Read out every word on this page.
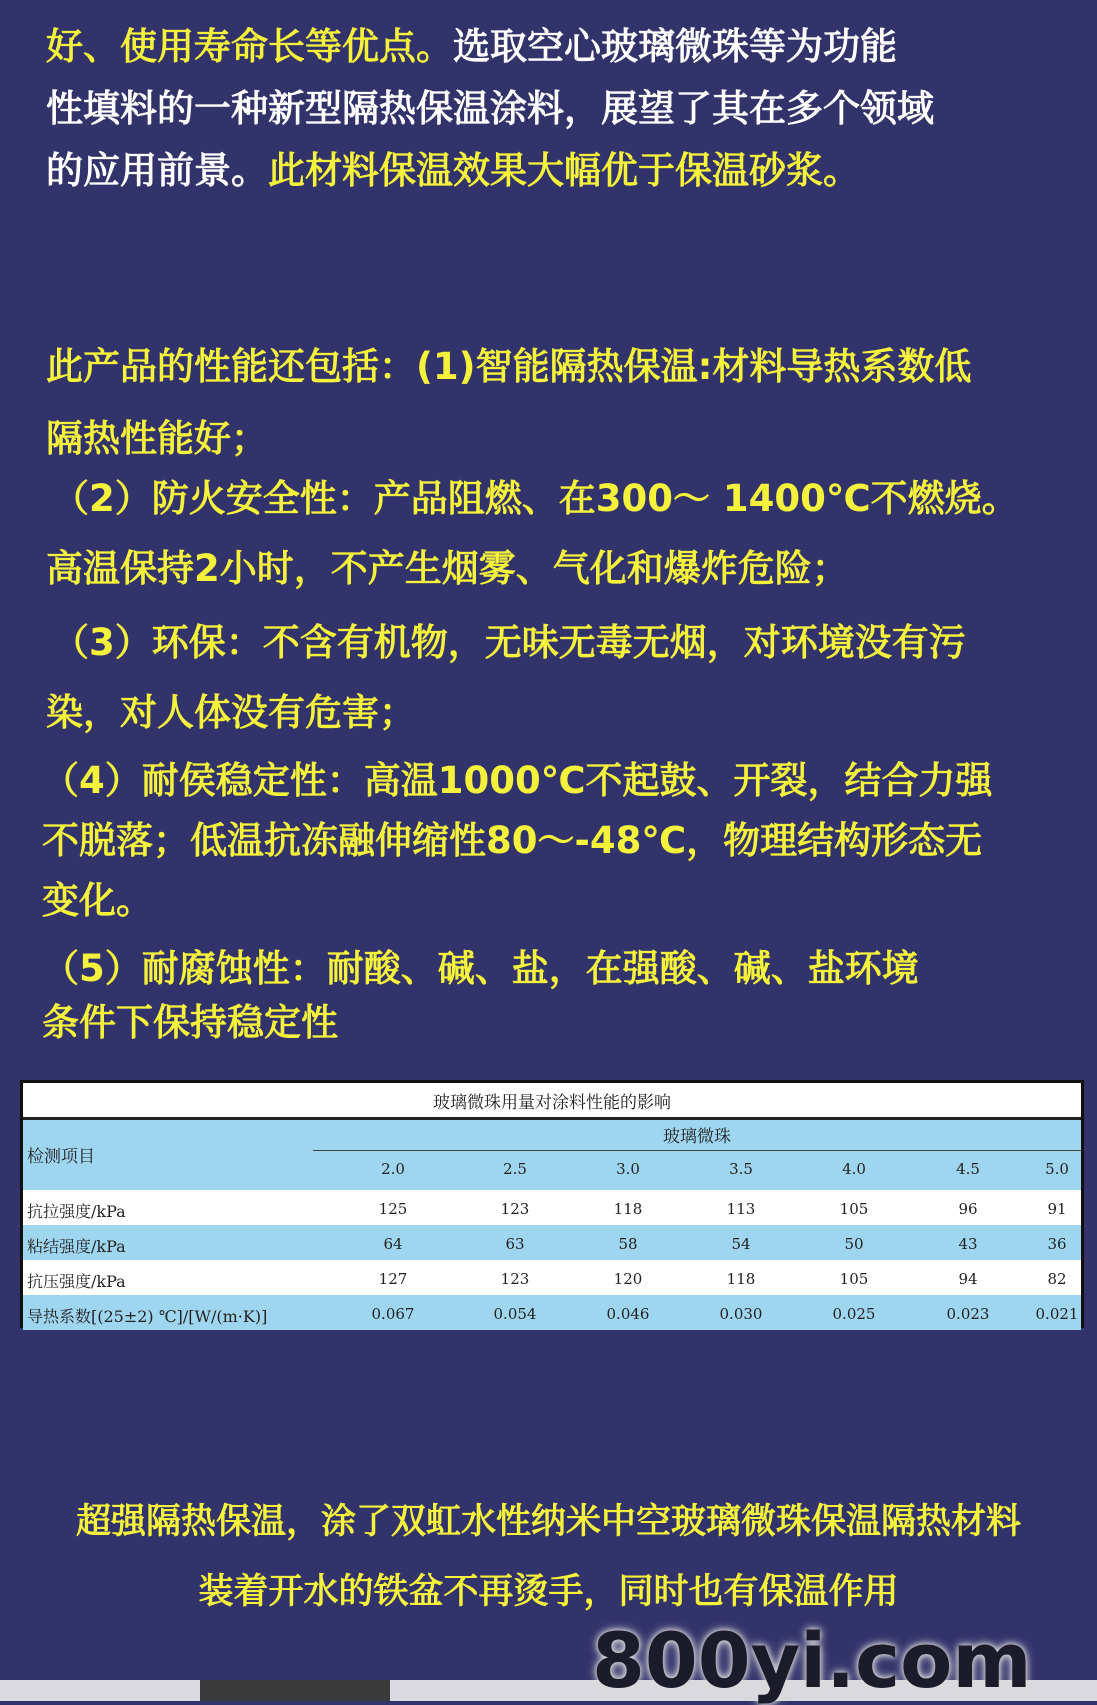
好、使用寿命长等优点。选取空心玻璃微珠等为功能
性填料的一种新型隔热保温涂料，展望了其在多个领域
的应用前景。此材料保温效果大幅优于保温砂浆。
此产品的性能还包括：(1)智能隔热保温:材料导热系数低
隔热性能好；
（2）防火安全性：产品阻燃、在300～ 1400℃不燃烧。
高温保持2小时，不产生烟雾、气化和爆炸危险；
（3）环保：不含有机物，无味无毒无烟，对环境没有污
染，对人体没有危害；
（4）耐侯稳定性：高温1000℃不起鼓、开裂，结合力强
不脱落；低温抗冻融伸缩性80～-48℃，物理结构形态无
变化。
（5）耐腐蚀性：耐酸、碱、盐，在强酸、碱、盐环境
条件下保持稳定性
玻璃微珠用量对涂料性能的影响
检测项目
玻璃微珠
2.0	2.5	3.0	3.5	4.0	4.5	5.0
抗拉强度/kPa	125	123	118	113	105	96	91
粘结强度/kPa	64	63	58	54	50	43	36
抗压强度/kPa	127	123	120	118	105	94	82
导热系数[(25±2) ℃]/[W/(m·K)]	0.067	0.054	0.046	0.030	0.025	0.023	0.021
超强隔热保温，涂了双虹水性纳米中空玻璃微珠保温隔热材料
装着开水的铁盆不再烫手，同时也有保温作用
800yi.com
